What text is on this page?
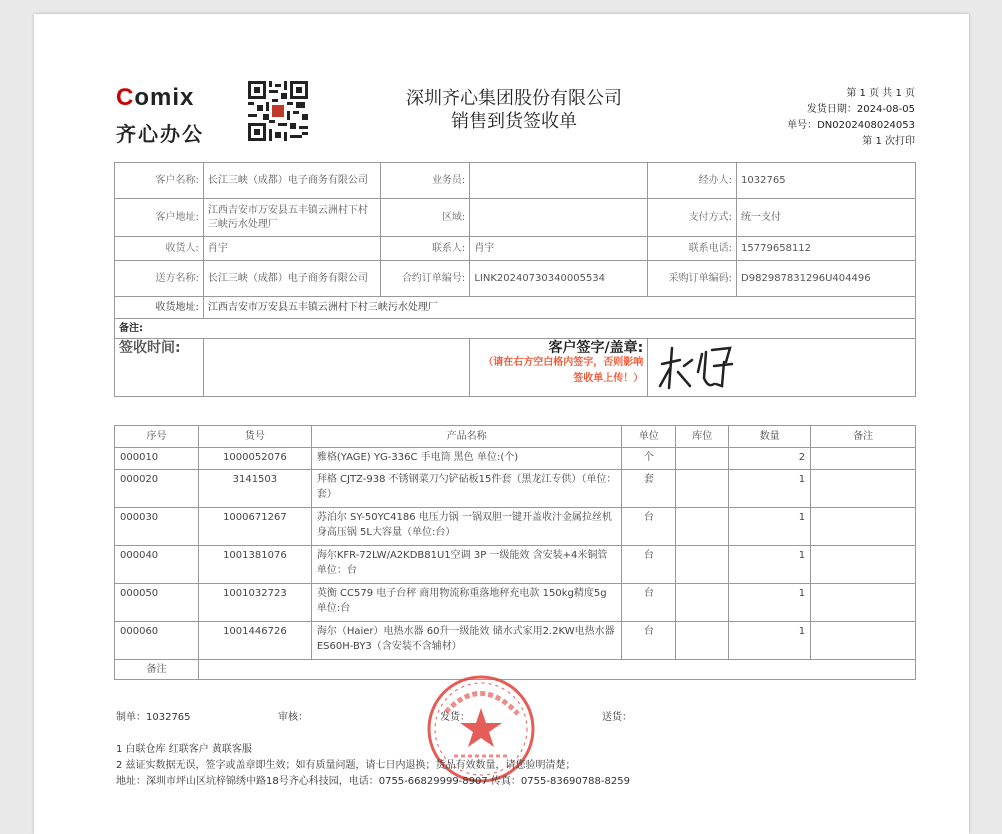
Comix
齐心办公
深圳齐心集团股份有限公司
销售到货签收单
第 1 页 共 1 页
发货日期：2024-08-05
单号：DN0202408024053
第 1 次打印
客户名称:	长江三峡（成都）电子商务有限公司	业务员:		经办人:	1032765
客户地址:	江西吉安市万安县五丰镇云洲村下村三峡污水处理厂	区域:		支付方式:	统一支付
收货人:	肖宇	联系人:	肖宇	联系电话:	15779658112
送方名称:	长江三峡（成都）电子商务有限公司	合约订单编号:	LINK20240730340005534	采购订单编码:	D982987831296U404496
收货地址:	江西吉安市万安县五丰镇云洲村下村三峡污水处理厂				
备注:					
签收时间:			客户签字/盖章:
（请在右方空白格内签字，否则影响签收单上传！）

序号	货号	产品名称	单位	库位	数量	备注
000010	1000052076	雅格(YAGE) YG-336C 手电筒 黑色 单位:(个)	个		2	
000020	3141503	拜格 CJTZ-938 不锈钢菜刀勺铲砧板15件套（黑龙江专供）（单位：套）	套		1	
000030	1000671267	苏泊尔 SY-50YC4186 电压力锅 一锅双胆一键开盖收汁金属拉丝机身高压锅 5L大容量（单位:台）	台		1	
000040	1001381076	海尔KFR-72LW/A2KDB81U1空调 3P 一级能效 含安装+4米铜管 单位：台	台		1	
000050	1001032723	英衡 CC579 电子台秤 商用物流称重落地秤充电款 150kg精度5g 单位:台	台		1	
000060	1001446726	海尔（Haier）电热水器 60升一级能效 储水式家用2.2KW电热水器 ES60H-BY3（含安装不含辅材）	台		1	
备注						
制单：1032765	审核：	发货：	送货：
1 白联仓库 红联客户 黄联客服
2 兹证实数据无误，签字或盖章即生效；如有质量问题，请七日内退换；货品有效数量，请您验明清楚；
地址：深圳市坪山区坑梓锦绣中路18号齐心科技园，电话：0755-66829999-8907 传真：0755-83690788-8259
